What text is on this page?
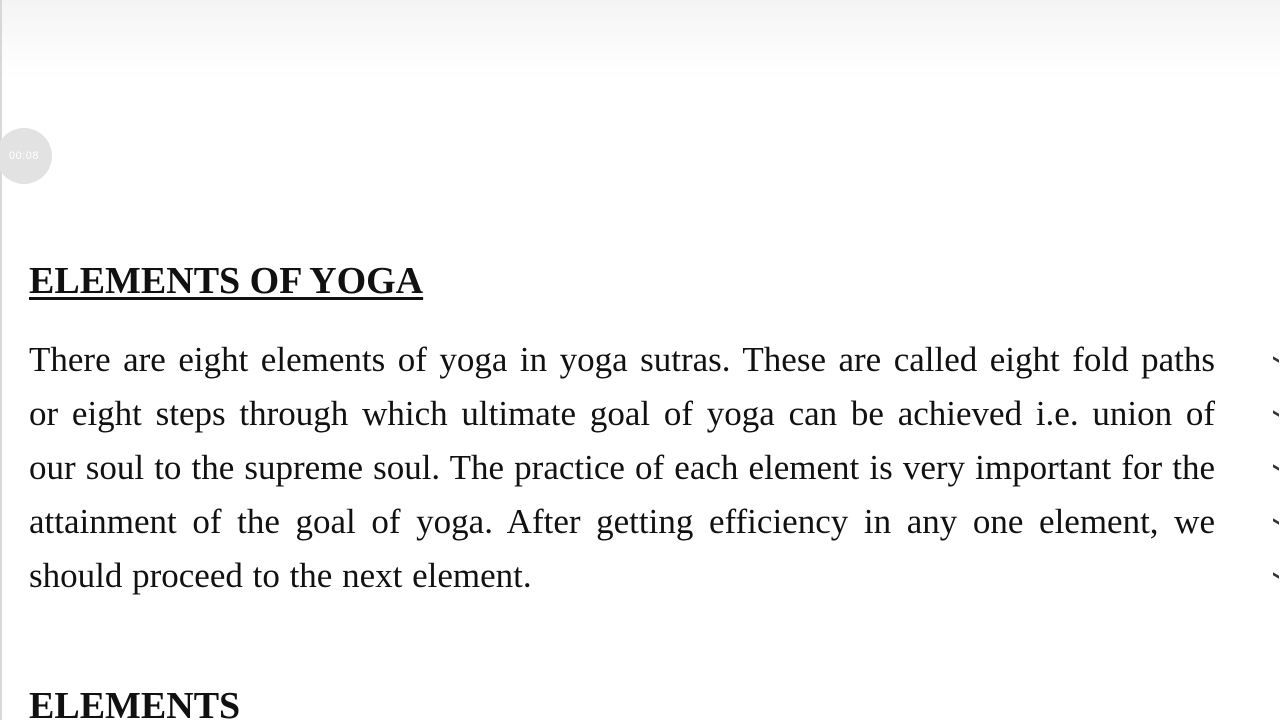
00:08
ELEMENTS OF YOGA

There are eight elements of yoga in yoga sutras. These are called eight fold paths or eight steps through which ultimate goal of yoga can be achieved i.e. union of our soul to the supreme soul. The practice of each element is very important for the attainment of the goal of yoga. After getting efficiency in any one element, we should proceed to the next element.

ELEMENTS
